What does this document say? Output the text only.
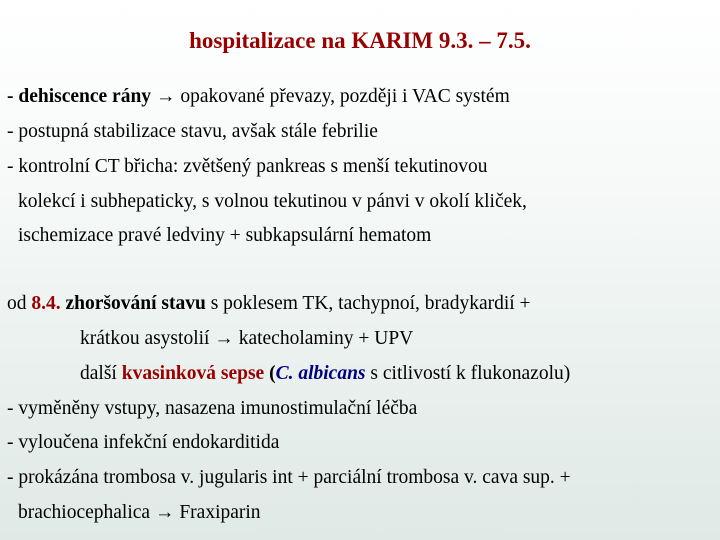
hospitalizace na KARIM 9.3. – 7.5.
- dehiscence rány → opakované převazy, později i VAC systém
- postupná stabilizace stavu, avšak stále febrilie
- kontrolní CT břicha: zvětšený pankreas s menší tekutinovou
kolekcí i subhepaticky, s volnou tekutinou v pánvi v okolí kliček,
ischemizace pravé ledviny + subkapsulární hematom
od 8.4. zhoršování stavu s poklesem TK, tachypnoí, bradykardií +
krátkou asystolií → katecholaminy + UPV
další kvasinková sepse (C. albicans s citlivostí k flukonazolu)
- vyměněny vstupy, nasazena imunostimulační léčba
- vyloučena infekční endokarditida
- prokázána trombosa v. jugularis int + parciální trombosa v. cava sup. +
brachiocephalica → Fraxiparin
